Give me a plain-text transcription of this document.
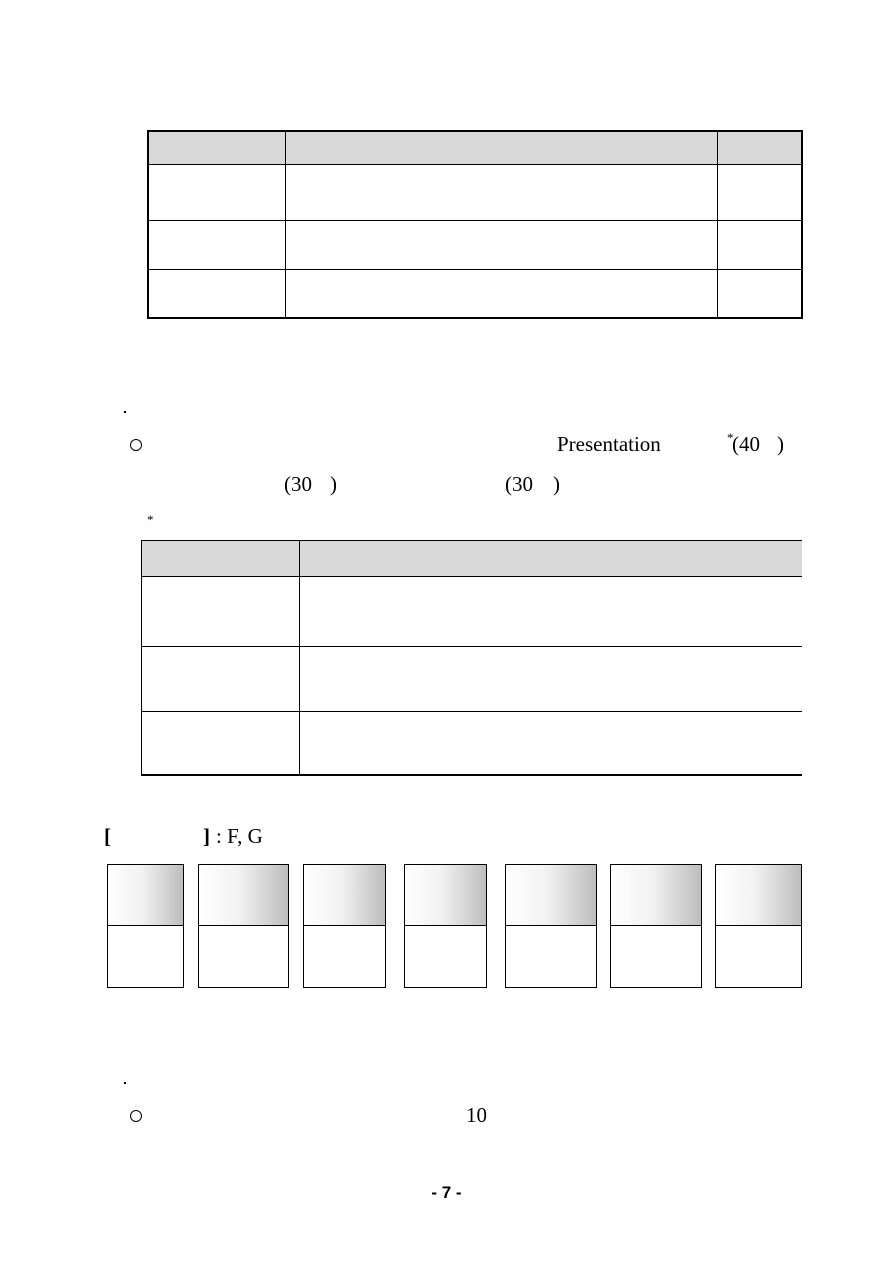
Presentation	*
(40 )
(30 )	(30 )
*

[	] : F, G
10
- 7 -
